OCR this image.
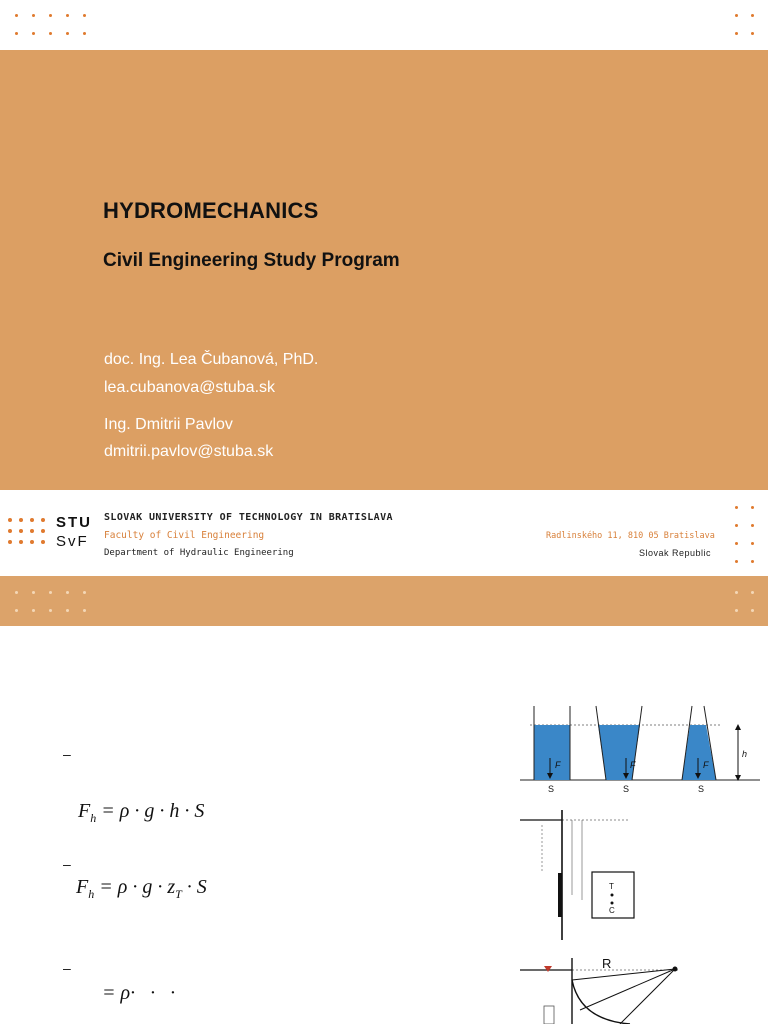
HYDROMECHANICS
Civil Engineering Study Program
doc. Ing. Lea Čubanová, PhD.
lea.cubanova@stuba.sk
Ing. Dmitrii Pavlov
dmitrii.pavlov@stuba.sk
STU
SvF
SLOVAK UNIVERSITY OF TECHNOLOGY IN BRATISLAVA
Faculty of Civil Engineering
Department of Hydraulic Engineering
Radlinského 11, 810 05 Bratislava
Slovak Republic
–
$F_h = \rho \cdot g \cdot h \cdot S$
–
$F_h = \rho \cdot g \cdot z_T \cdot S$
–
= ρ·   ·   ·
F	F	F
S	S	S
h
T
C
R
